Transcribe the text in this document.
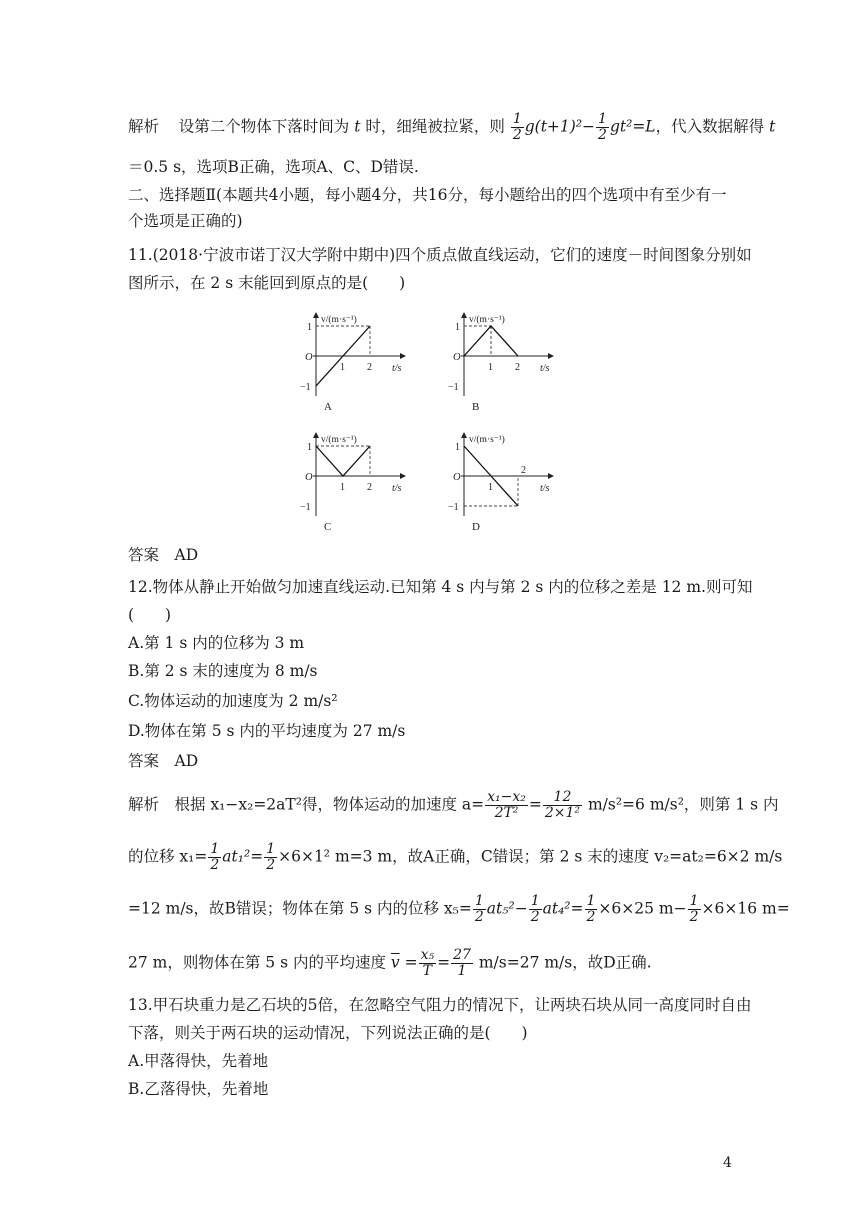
解析 设第二个物体下落时间为 t 时，细绳被拉紧，则 $\frac{1}{2} g(t+1)^2- \frac{1}{2} gt^2=L$，代入数据解得 t
＝0.5 s，选项B正确，选项A、C、D错误.
二、选择题Ⅱ(本题共4小题，每小题4分，共16分，每小题给出的四个选项中有至少有一
个选项是正确的)
11.(2018·宁波市诺丁汉大学附中期中)四个质点做直线运动，它们的速度－时间图象分别如
图所示，在 2 s 末能回到原点的是(　　)
v/(m·s⁻¹)
t/s
O
1
−1
1 2
A
v/(m·s⁻¹)
t/s
O
1
−1
1 2
B
v/(m·s⁻¹)
t/s
O
1
−1
1 2
C
v/(m·s⁻¹)
t/s
O
1
−1
1
2
D
答案　AD
12.物体从静止开始做匀加速直线运动.已知第 4 s 内与第 2 s 内的位移之差是 12 m.则可知
(　　)
A.第 1 s 内的位移为 3 m
B.第 2 s 末的速度为 8 m/s
C.物体运动的加速度为 2 m/s²
D.物体在第 5 s 内的平均速度为 27 m/s
答案　AD
解析　根据 x₁−x₂=2aT²得，物体运动的加速度 $a= \frac{\text{x₁−x₂}}{\text{2T²}} = \frac{12}{\text{2×1²}} m/s^2=6$ m/s²，则第 1 s 内
的位移 $x_1= \frac{1}{2} at_1^2= \frac{1}{2} \times 6\times 1^2$ m=3 m，故A正确，C错误；第 2 s 末的速度 v₂=at₂=6×2 m/s
=12 m/s，故B错误；物体在第 5 s 内的位移 $x_5= \frac{1}{2} at_5^2- \frac{1}{2} at_4^2= \frac{1}{2} \times 6\times 25$ $m- \frac{1}{2} \times 6\times 16$ m=
27 m，则物体在第 5 s 内的平均速度 $\overline{v} = \frac{\text{x₅}}{T} = \frac{27}{1} m/s=27$ m/s，故D正确.
13.甲石块重力是乙石块的5倍，在忽略空气阻力的情况下，让两块石块从同一高度同时自由
下落，则关于两石块的运动情况，下列说法正确的是(　　)
A.甲落得快，先着地
B.乙落得快，先着地
4
